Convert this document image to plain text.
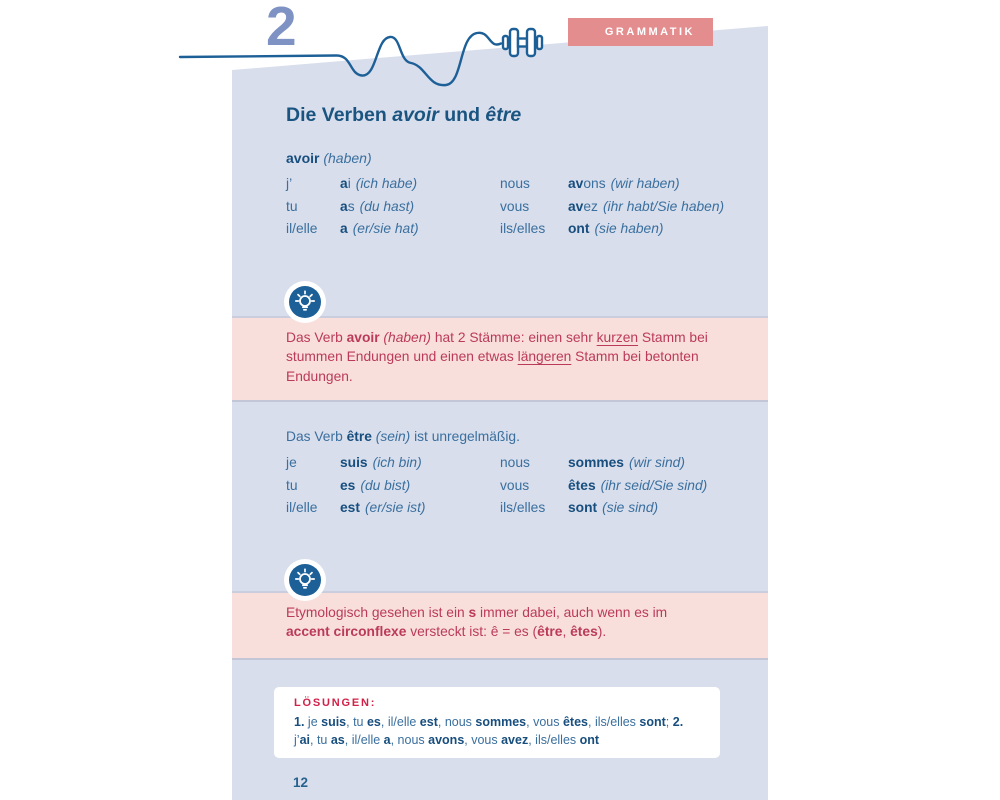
2	GRAMMATIK
Die Verben avoir und être
avoir (haben)
j’	ai (ich habe)	nous	avons (wir haben)
tu	as (du hast)	vous	avez (ihr habt/Sie haben)
il/elle	a (er/sie hat)	ils/elles	ont (sie haben)

Das Verb avoir (haben) hat 2 Stämme: einen sehr kurzen Stamm bei stummen Endungen und einen etwas längeren Stamm bei betonten Endungen.

Das Verb être (sein) ist unregelmäßig.
je	suis (ich bin)	nous	sommes (wir sind)
tu	es (du bist)	vous	êtes (ihr seid/Sie sind)
il/elle	est (er/sie ist)	ils/elles	sont (sie sind)

Etymologisch gesehen ist ein s immer dabei, auch wenn es im accent circonflexe versteckt ist: ê = es (être, êtes).

LÖSUNGEN:

1. je suis, tu es, il/elle est, nous sommes, vous êtes, ils/elles sont; 2. j’ai, tu as, il/elle a, nous avons, vous avez, ils/elles ont

12
